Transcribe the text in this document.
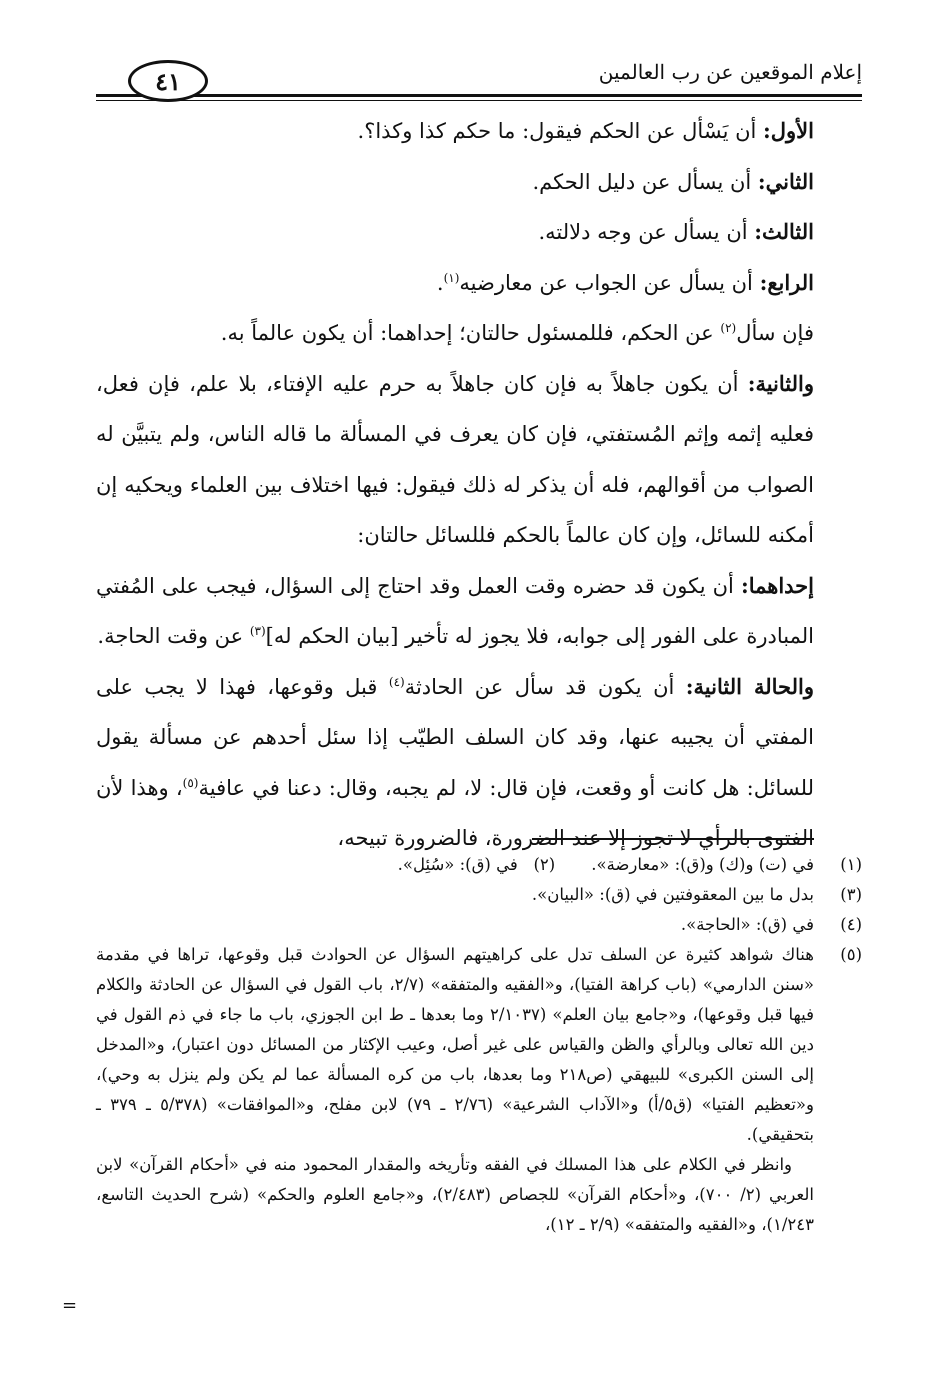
إعلام الموقعين عن رب العالمين
٤١

الأول: أن يَسْأل عن الحكم فيقول: ما حكم كذا وكذا؟.

الثاني: أن يسأل عن دليل الحكم.

الثالث: أن يسأل عن وجه دلالته.

الرابع: أن يسأل عن الجواب عن معارضيه$^{(١)}$.

فإن سأل$^{(٢)}$ عن الحكم، فللمسئول حالتان؛ إحداهما: أن يكون عالماً به.

والثانية: أن يكون جاهلاً به فإن كان جاهلاً به حرم عليه الإفتاء، بلا علم، فإن فعل، فعليه إثمه وإثم المُستفتي، فإن كان يعرف في المسألة ما قاله الناس، ولم يتبيَّن له الصواب من أقوالهم، فله أن يذكر له ذلك فيقول: فيها اختلاف بين العلماء ويحكيه إن أمكنه للسائل، وإن كان عالماً بالحكم فللسائل حالتان:

إحداهما: أن يكون قد حضره وقت العمل وقد احتاج إلى السؤال، فيجب على المُفتي المبادرة على الفور إلى جوابه، فلا يجوز له تأخير [بيان الحكم له]$^{(٣)}$ عن وقت الحاجة.

والحالة الثانية: أن يكون قد سأل عن الحادثة$^{(٤)}$ قبل وقوعها، فهذا لا يجب على المفتي أن يجيبه عنها، وقد كان السلف الطيّب إذا سئل أحدهم عن مسألة يقول للسائل: هل كانت أو وقعت، فإن قال: لا، لم يجبه، وقال: دعنا في عافية$^{(٥)}$، وهذا لأن الفتوى بالرأي لا تجوز إلا عند الضرورة، فالضرورة تبيحه،

(١)
في (ت) و(ك) و(ق): «معارضة».(٢)   في (ق): «سُئِل».
(٣)
بدل ما بين المعقوفتين في (ق): «البيان».
(٤)
في (ق): «الحاجة».
(٥)
هناك شواهد كثيرة عن السلف تدل على كراهيتهم السؤال عن الحوادث قبل وقوعها، تراها في مقدمة «سنن الدارمي» (باب كراهة الفتيا)، و«الفقيه والمتفقه» (٢/٧، باب القول في السؤال عن الحادثة والكلام فيها قبل وقوعها)، و«جامع بيان العلم» (٢/١٠٣٧ وما بعدها ـ ط ابن الجوزي، باب ما جاء في ذم القول في دين الله تعالى وبالرأي والظن والقياس على غير أصل، وعيب الإكثار من المسائل دون اعتبار)، و«المدخل إلى السنن الكبرى» للبيهقي (ص٢١٨ وما بعدها، باب من كره المسألة عما لم يكن ولم ينزل به وحي)، و«تعظيم الفتيا» (ق٥/أ) و«الآداب الشرعية» (٢/٧٦ ـ ٧٩) لابن مفلح، و«الموافقات» (٥/٣٧٨ ـ ٣٧٩ ـ بتحقيقي).
وانظر في الكلام على هذا المسلك في الفقه وتأريخه والمقدار المحمود منه في «أحكام القرآن» لابن العربي (٢/ ٧٠٠)، و«أحكام القرآن» للجصاص (٢/٤٨٣)، و«جامع العلوم والحكم» (شرح الحديث التاسع، ١/٢٤٣)، و«الفقيه والمتفقه» (٢/٩ ـ ١٢)،
=
